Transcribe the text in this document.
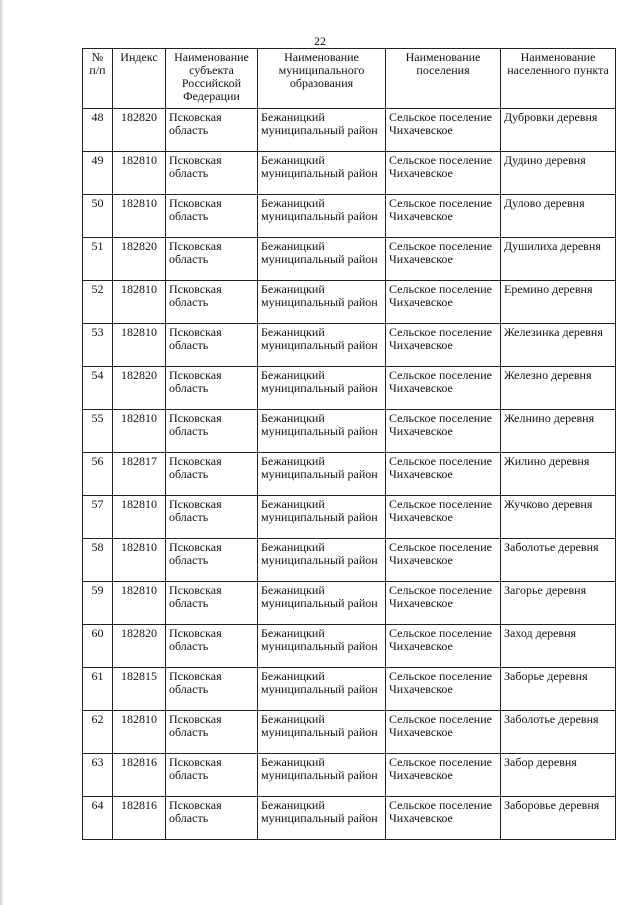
22
№ п/п	Индекс	Наименование субъекта Российской Федерации	Наименование муниципального образования	Наименование поселения	Наименование населенного пункта
48	182820	Псковская область	Бежаницкий муниципальный район	Сельское поселение Чихачевское	Дубровки деревня
49	182810	Псковская область	Бежаницкий муниципальный район	Сельское поселение Чихачевское	Дудино деревня
50	182810	Псковская область	Бежаницкий муниципальный район	Сельское поселение Чихачевское	Дулово деревня
51	182820	Псковская область	Бежаницкий муниципальный район	Сельское поселение Чихачевское	Душилиха деревня
52	182810	Псковская область	Бежаницкий муниципальный район	Сельское поселение Чихачевское	Еремино деревня
53	182810	Псковская область	Бежаницкий муниципальный район	Сельское поселение Чихачевское	Железинка деревня
54	182820	Псковская область	Бежаницкий муниципальный район	Сельское поселение Чихачевское	Железно деревня
55	182810	Псковская область	Бежаницкий муниципальный район	Сельское поселение Чихачевское	Желнино деревня
56	182817	Псковская область	Бежаницкий муниципальный район	Сельское поселение Чихачевское	Жилино деревня
57	182810	Псковская область	Бежаницкий муниципальный район	Сельское поселение Чихачевское	Жучково деревня
58	182810	Псковская область	Бежаницкий муниципальный район	Сельское поселение Чихачевское	Заболотье деревня
59	182810	Псковская область	Бежаницкий муниципальный район	Сельское поселение Чихачевское	Загорье деревня
60	182820	Псковская область	Бежаницкий муниципальный район	Сельское поселение Чихачевское	Заход деревня
61	182815	Псковская область	Бежаницкий муниципальный район	Сельское поселение Чихачевское	Заборье деревня
62	182810	Псковская область	Бежаницкий муниципальный район	Сельское поселение Чихачевское	Заболотье деревня
63	182816	Псковская область	Бежаницкий муниципальный район	Сельское поселение Чихачевское	Забор деревня
64	182816	Псковская область	Бежаницкий муниципальный район	Сельское поселение Чихачевское	Заборовье деревня
